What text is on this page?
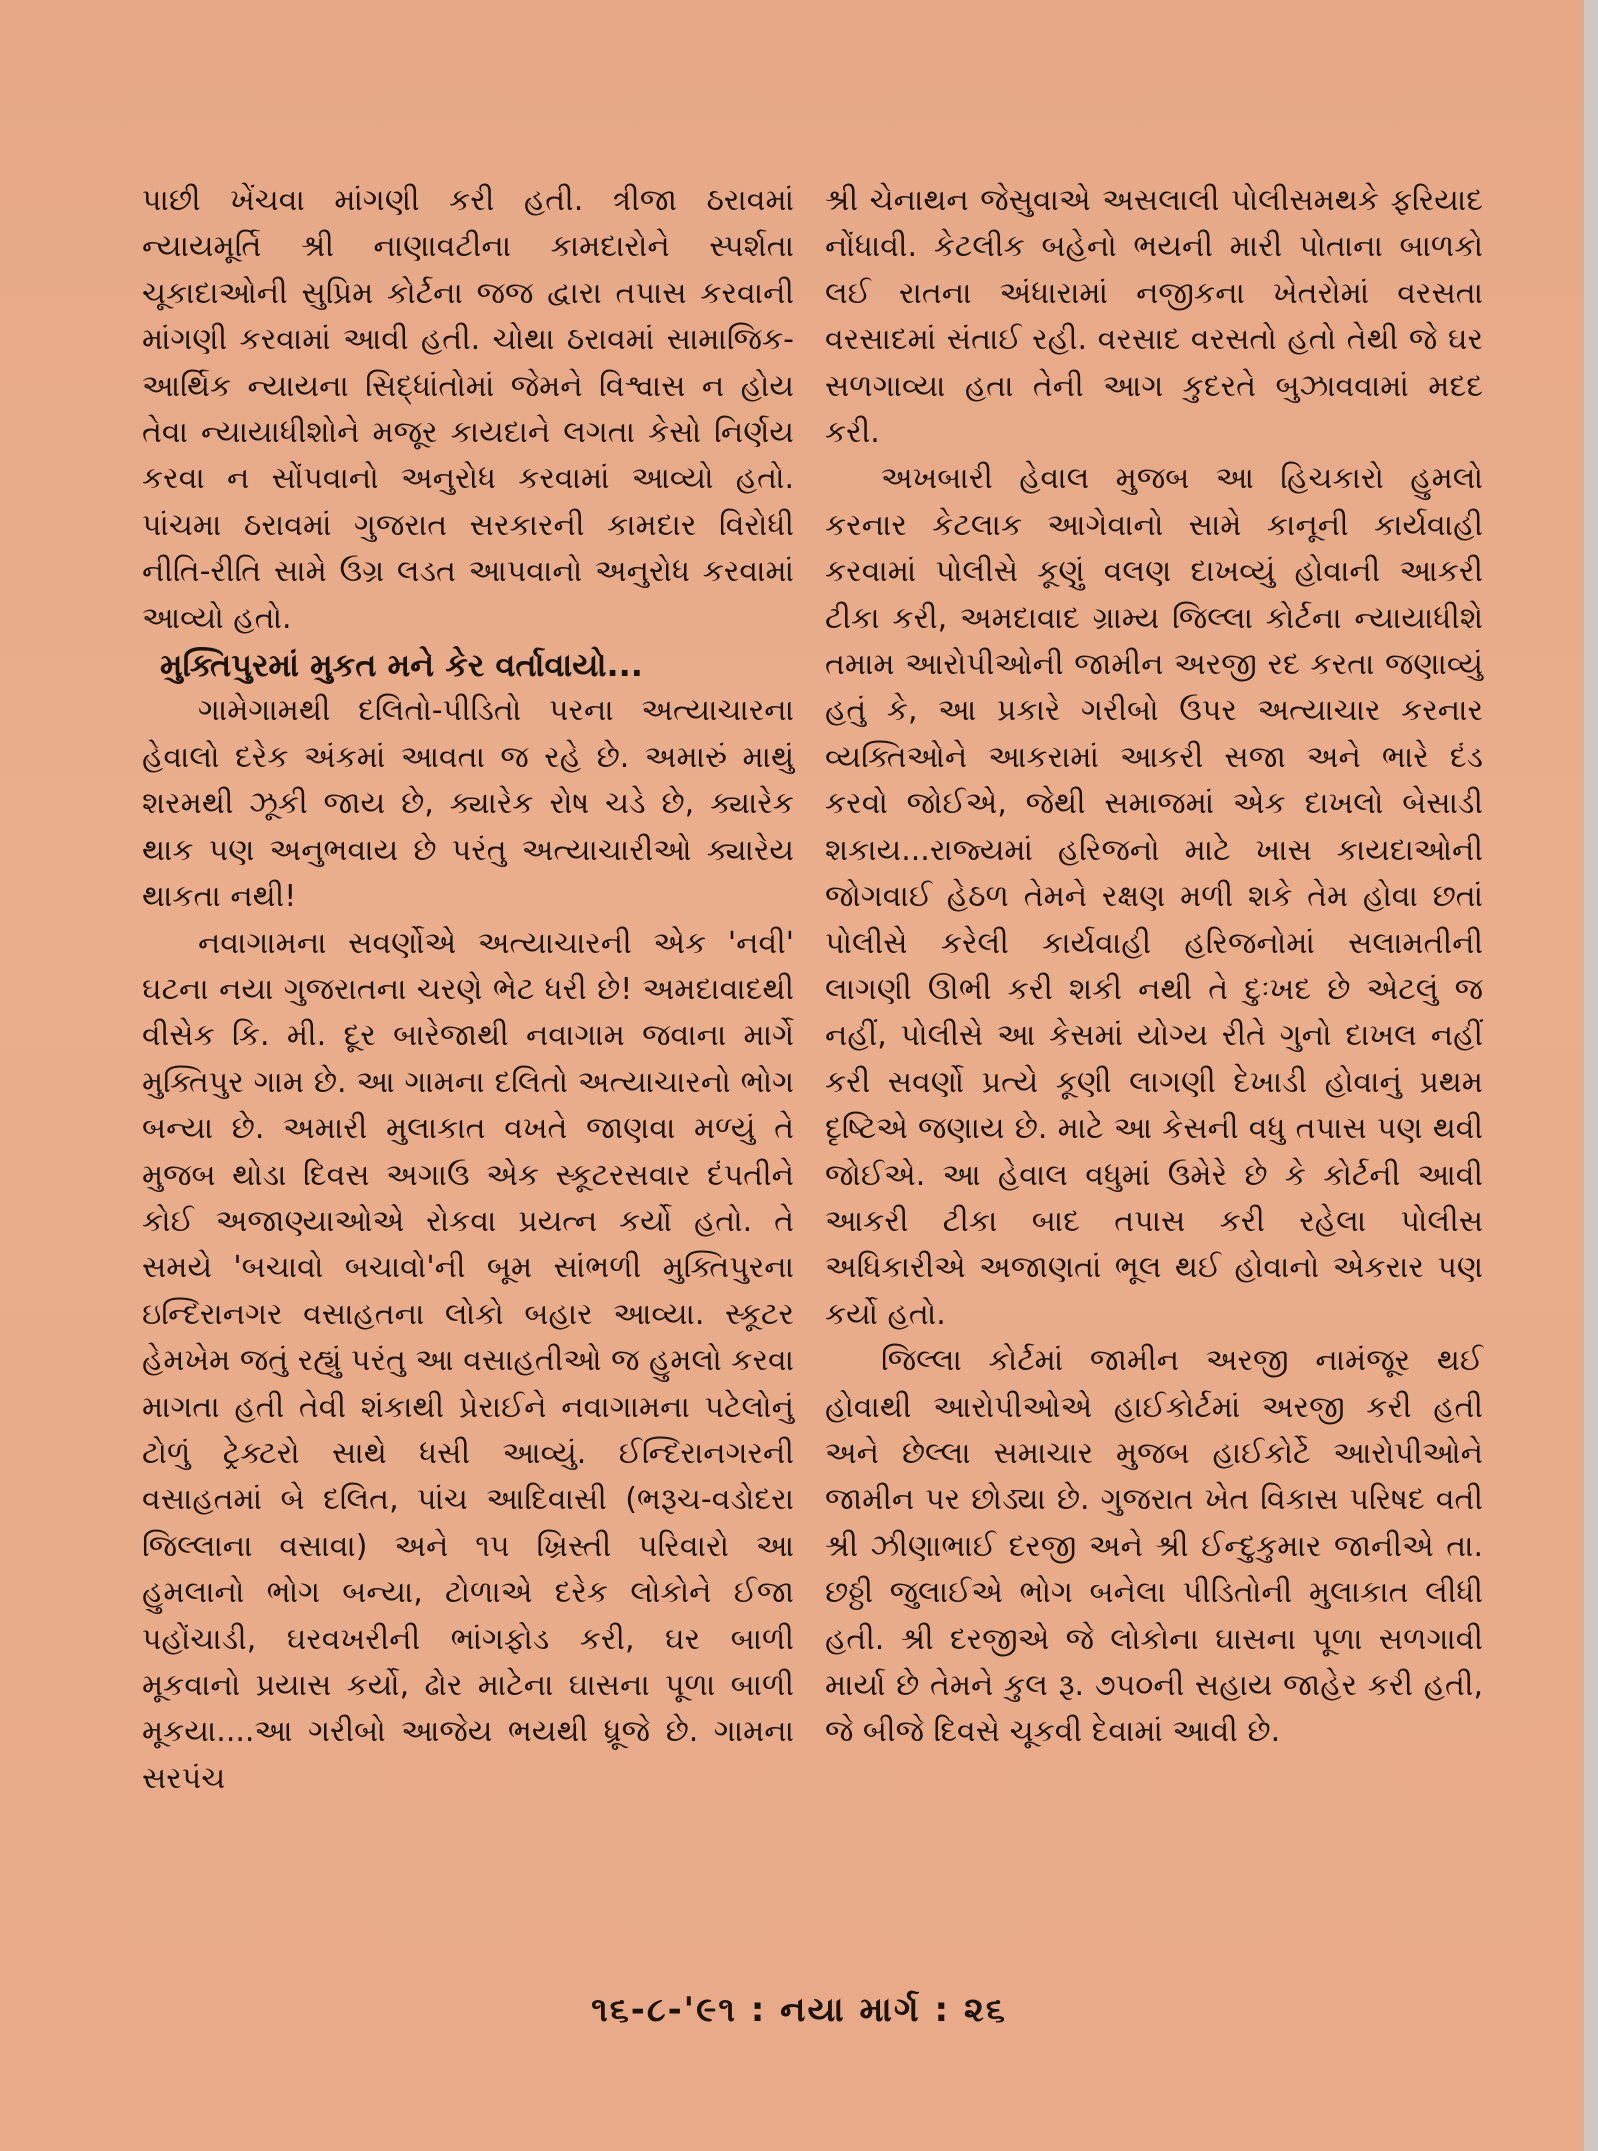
પાછી ખેંચવા માંગણી કરી હતી. ત્રીજા ઠરાવમાં ન્યાયમૂર્તિ શ્રી નાણાવટીના કામદારોને સ્પર્શતા ચૂકાદાઓની સુપ્રિમ કોર્ટના જજ દ્વારા તપાસ કરવાની માંગણી કરવામાં આવી હતી. ચોથા ઠરાવમાં સામાજિક-આર્થિક ન્યાયના સિદ્ધાંતોમાં જેમને વિશ્વાસ ન હોય તેવા ન્યાયાધીશોને મજૂર કાયદાને લગતા કેસો નિર્ણય કરવા ન સોંપવાનો અનુરોધ કરવામાં આવ્યો હતો. પાંચમા ઠરાવમાં ગુજરાત સરકારની કામદાર વિરોધી નીતિ-રીતિ સામે ઉગ્ર લડત આપવાનો અનુરોધ કરવામાં આવ્યો હતો.

મુક્તિપુરમાં મુકત મને કેર વર્તાવાયો...

ગામેગામથી દલિતો-પીડિતો પરના અત્યાચારના હેવાલો દરેક અંકમાં આવતા જ રહે છે. અમારું માથું શરમથી ઝૂકી જાય છે, ક્યારેક રોષ ચડે છે, ક્યારેક થાક પણ અનુભવાય છે પરંતુ અત્યાચારીઓ ક્યારેય થાકતા નથી!

નવાગામના સવર્ણોએ અત્યાચારની એક 'નવી' ઘટના નયા ગુજરાતના ચરણે ભેટ ધરી છે! અમદાવાદથી વીસેક કિ. મી. દૂર બારેજાથી નવાગામ જવાના માર્ગે મુક્તિપુર ગામ છે. આ ગામના દલિતો અત્યાચારનો ભોગ બન્યા છે. અમારી મુલાકાત વખતે જાણવા મળ્યું તે મુજબ થોડા દિવસ અગાઉ એક સ્કૂટરસવાર દંપતીને કોઈ અજાણ્યાઓએ રોકવા પ્રયત્ન કર્યો હતો. તે સમયે 'બચાવો બચાવો'ની બૂમ સાંભળી મુક્તિપુરના ઇન્દિરાનગર વસાહતના લોકો બહાર આવ્યા. સ્કૂટર હેમખેમ જતું રહ્યું પરંતુ આ વસાહતીઓ જ હુમલો કરવા માગતા હતી તેવી શંકાથી પ્રેરાઈને નવાગામના પટેલોનું ટોળું ટ્રેક્ટરો સાથે ધસી આવ્યું. ઈન્દિરાનગરની વસાહતમાં બે દલિત, પાંચ આદિવાસી (ભરૂચ-વડોદરા જિલ્લાના વસાવા) અને ૧૫ ખ્રિસ્તી પરિવારો આ હુમલાનો ભોગ બન્યા, ટોળાએ દરેક લોકોને ઈજા પહોંચાડી, ઘરવખરીની ભાંગફોડ કરી, ઘર બાળી મૂકવાનો પ્રયાસ કર્યો, ઢોર માટેના ઘાસના પૂળા બાળી મૂકયા....આ ગરીબો આજેય ભયથી ધ્રૂજે છે. ગામના સરપંચ

શ્રી ચેનાથન જેસુવાએ અસલાલી પોલીસમથકે ફરિયાદ નોંધાવી. કેટલીક બહેનો ભયની મારી પોતાના બાળકો લઈ રાતના અંધારામાં નજીકના ખેતરોમાં વરસતા વરસાદમાં સંતાઈ રહી. વરસાદ વરસતો હતો તેથી જે ઘર સળગાવ્યા હતા તેની આગ કુદરતે બુઝાવવામાં મદદ કરી.

અખબારી હેવાલ મુજબ આ હિચકારો હુમલો કરનાર કેટલાક આગેવાનો સામે કાનૂની કાર્યવાહી કરવામાં પોલીસે કૂણું વલણ દાખવ્યું હોવાની આકરી ટીકા કરી, અમદાવાદ ગ્રામ્ય જિલ્લા કોર્ટના ન્યાયાધીશે તમામ આરોપીઓની જામીન અરજી રદ કરતા જણાવ્યું હતું કે, આ પ્રકારે ગરીબો ઉપર અત્યાચાર કરનાર વ્યક્તિઓને આકરામાં આકરી સજા અને ભારે દંડ કરવો જોઈએ, જેથી સમાજમાં એક દાખલો બેસાડી શકાય...રાજ્યમાં હરિજનો માટે ખાસ કાયદાઓની જોગવાઈ હેઠળ તેમને રક્ષણ મળી શકે તેમ હોવા છતાં પોલીસે કરેલી કાર્યવાહી હરિજનોમાં સલામતીની લાગણી ઊભી કરી શકી નથી તે દુઃખદ છે એટલું જ નહીં, પોલીસે આ કેસમાં યોગ્ય રીતે ગુનો દાખલ નહીં કરી સવર્ણો પ્રત્યે કૂણી લાગણી દેખાડી હોવાનું પ્રથમ દૃષ્ટિએ જણાય છે. માટે આ કેસની વધુ તપાસ પણ થવી જોઈએ. આ હેવાલ વધુમાં ઉમેરે છે કે કોર્ટની આવી આકરી ટીકા બાદ તપાસ કરી રહેલા પોલીસ અધિકારીએ અજાણતાં ભૂલ થઈ હોવાનો એકરાર પણ કર્યો હતો.

જિલ્લા કોર્ટમાં જામીન અરજી નામંજૂર થઈ હોવાથી આરોપીઓએ હાઈકોર્ટમાં અરજી કરી હતી અને છેલ્લા સમાચાર મુજબ હાઈકોર્ટે આરોપીઓને જામીન પર છોડ્યા છે. ગુજરાત ખેત વિકાસ પરિષદ વતી શ્રી ઝીણાભાઈ દરજી અને શ્રી ઈન્દુકુમાર જાનીએ તા. છઠ્ઠી જુલાઈએ ભોગ બનેલા પીડિતોની મુલાકાત લીધી હતી. શ્રી દરજીએ જે લોકોના ઘાસના પૂળા સળગાવી માર્યા છે તેમને કુલ રૂ. ૭૫૦ની સહાય જાહેર કરી હતી, જે બીજે દિવસે ચૂકવી દેવામાં આવી છે.

૧૬-૮-'૯૧ : નયા માર્ગ : ૨૬
